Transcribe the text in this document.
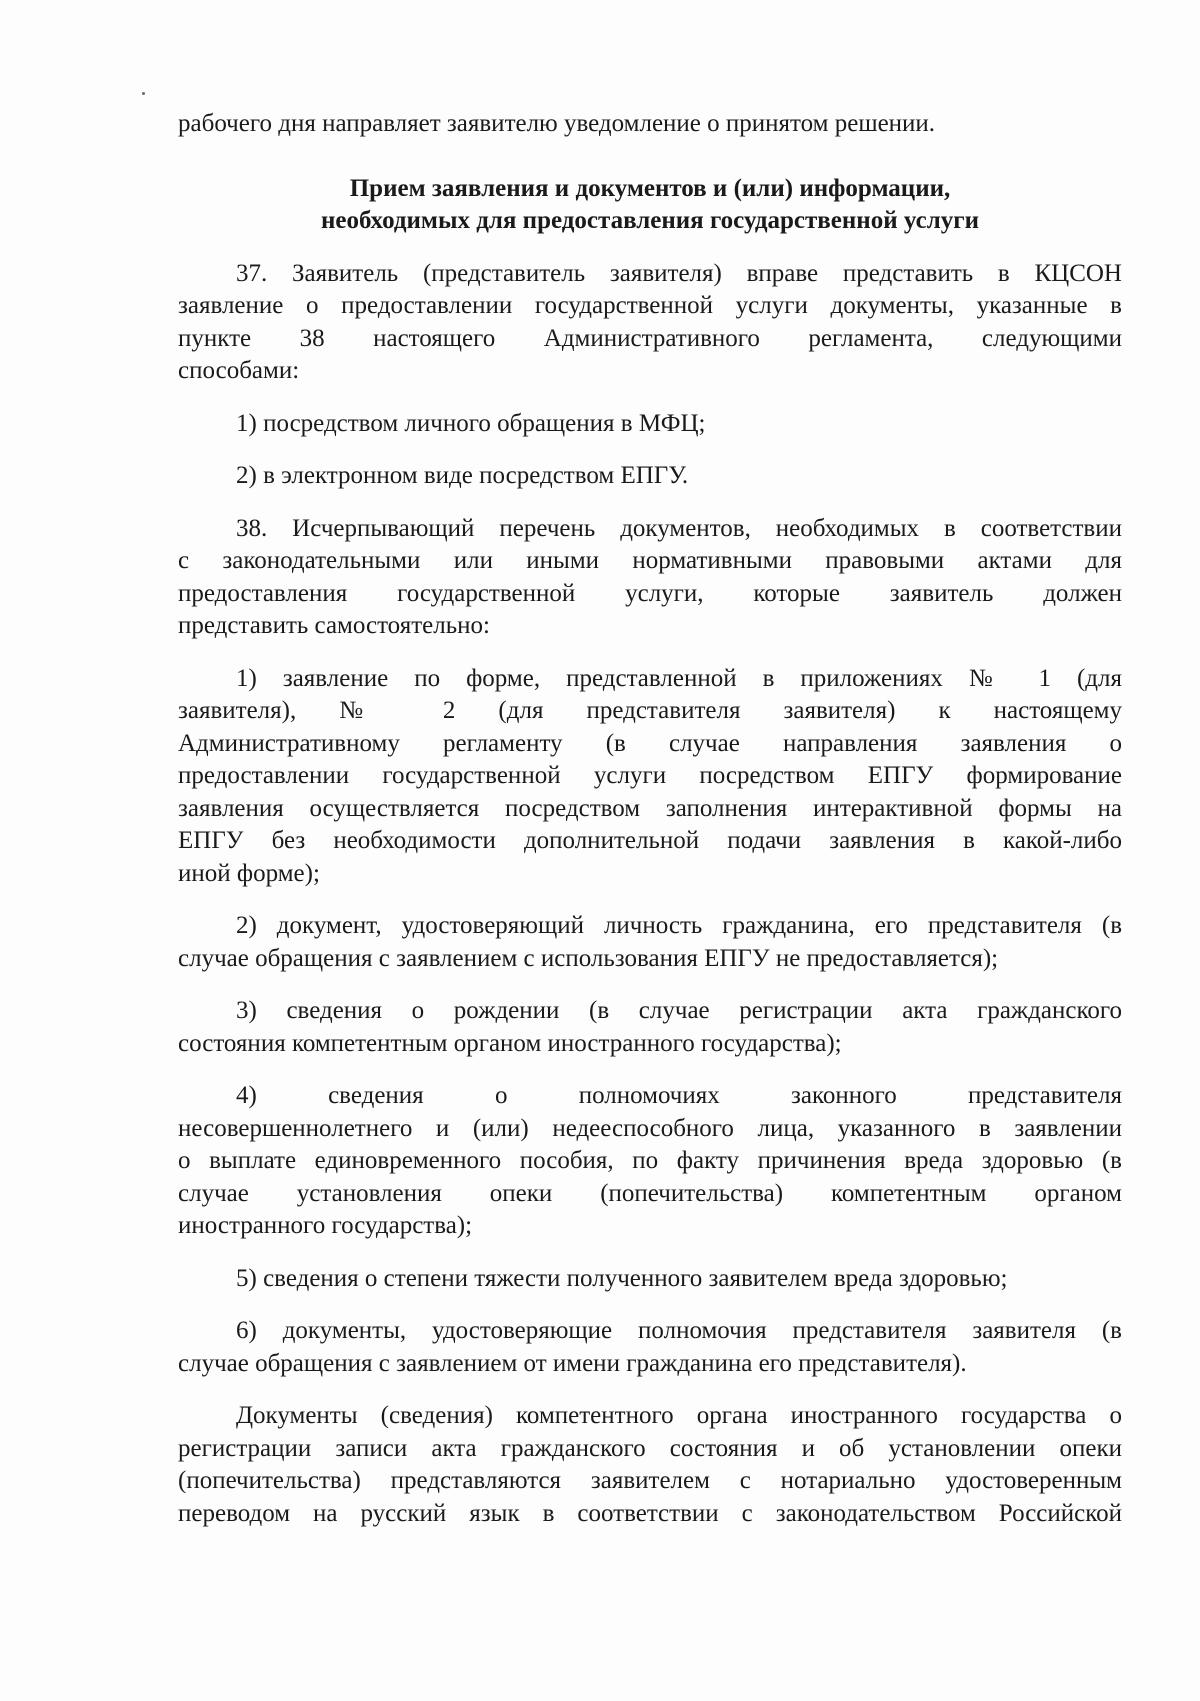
рабочего дня направляет заявителю уведомление о принятом решении.
Прием заявления и документов и (или) информации,
необходимых для предоставления государственной услуги
37. Заявитель (представитель заявителя) вправе представить в КЦСОН
заявление о предоставлении государственной услуги документы, указанные в
пункте 38 настоящего Административного регламента, следующими
способами:
1) посредством личного обращения в МФЦ;
2) в электронном виде посредством ЕПГУ.
38. Исчерпывающий перечень документов, необходимых в соответствии
с законодательными или иными нормативными правовыми актами для
предоставления государственной услуги, которые заявитель должен
представить самостоятельно:
1) заявление по форме, представленной в приложениях № 1 (для
заявителя), № 2 (для представителя заявителя) к настоящему
Административному регламенту (в случае направления заявления о
предоставлении государственной услуги посредством ЕПГУ формирование
заявления осуществляется посредством заполнения интерактивной формы на
ЕПГУ без необходимости дополнительной подачи заявления в какой-либо
иной форме);
2) документ, удостоверяющий личность гражданина, его представителя (в
случае обращения с заявлением с использования ЕПГУ не предоставляется);
3) сведения о рождении (в случае регистрации акта гражданского
состояния компетентным органом иностранного государства);
4) сведения о полномочиях законного представителя
несовершеннолетнего и (или) недееспособного лица, указанного в заявлении
о выплате единовременного пособия, по факту причинения вреда здоровью (в
случае установления опеки (попечительства) компетентным органом
иностранного государства);
5) сведения о степени тяжести полученного заявителем вреда здоровью;
6) документы, удостоверяющие полномочия представителя заявителя (в
случае обращения с заявлением от имени гражданина его представителя).
Документы (сведения) компетентного органа иностранного государства о
регистрации записи акта гражданского состояния и об установлении опеки
(попечительства) представляются заявителем с нотариально удостоверенным
переводом на русский язык в соответствии с законодательством Российской
